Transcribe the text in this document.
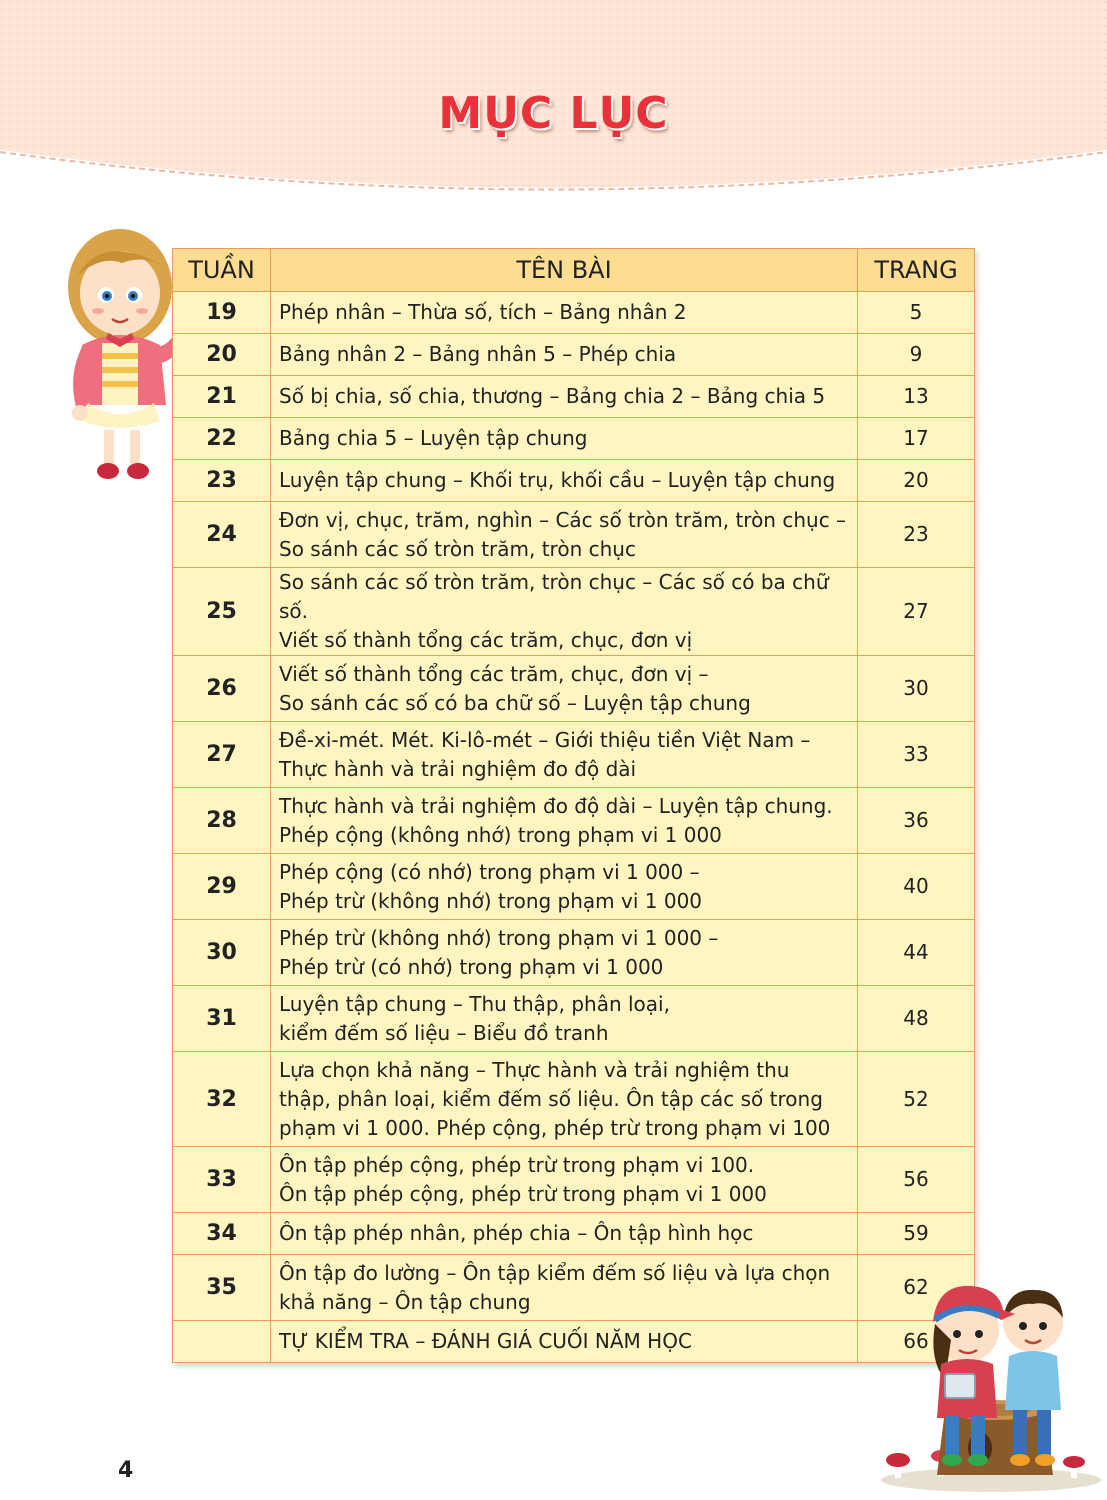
MỤC LỤC
TUẦN	TÊN BÀI	TRANG
19	Phép nhân – Thừa số, tích – Bảng nhân 2	5
20	Bảng nhân 2 – Bảng nhân 5 – Phép chia	9
21	Số bị chia, số chia, thương – Bảng chia 2 – Bảng chia 5	13
22	Bảng chia 5 – Luyện tập chung	17
23	Luyện tập chung – Khối trụ, khối cầu – Luyện tập chung	20
24	Đơn vị, chục, trăm, nghìn – Các số tròn trăm, tròn chục –
So sánh các số tròn trăm, tròn chục	23
25	So sánh các số tròn trăm, tròn chục – Các số có ba chữ số.
Viết số thành tổng các trăm, chục, đơn vị	27
26	Viết số thành tổng các trăm, chục, đơn vị –
So sánh các số có ba chữ số – Luyện tập chung	30
27	Đề-xi-mét. Mét. Ki-lô-mét – Giới thiệu tiền Việt Nam –
Thực hành và trải nghiệm đo độ dài	33
28	Thực hành và trải nghiệm đo độ dài – Luyện tập chung.
Phép cộng (không nhớ) trong phạm vi 1 000	36
29	Phép cộng (có nhớ) trong phạm vi 1 000 –
Phép trừ (không nhớ) trong phạm vi 1 000	40
30	Phép trừ (không nhớ) trong phạm vi 1 000 –
Phép trừ (có nhớ) trong phạm vi 1 000	44
31	Luyện tập chung – Thu thập, phân loại,
kiểm đếm số liệu – Biểu đồ tranh	48
32	Lựa chọn khả năng – Thực hành và trải nghiệm thu
thập, phân loại, kiểm đếm số liệu. Ôn tập các số trong
phạm vi 1 000. Phép cộng, phép trừ trong phạm vi 100	52
33	Ôn tập phép cộng, phép trừ trong phạm vi 100.
Ôn tập phép cộng, phép trừ trong phạm vi 1 000	56
34	Ôn tập phép nhân, phép chia – Ôn tập hình học	59
35	Ôn tập đo lường – Ôn tập kiểm đếm số liệu và lựa chọn
khả năng – Ôn tập chung	62

	TỰ KIỂM TRA – ĐÁNH GIÁ CUỐI NĂM HỌC	66
4
